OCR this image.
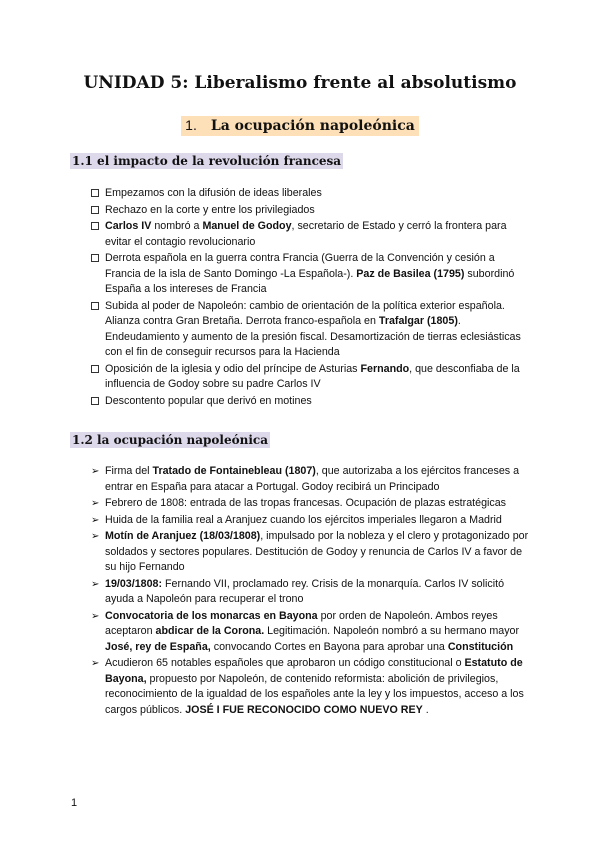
UNIDAD 5: Liberalismo frente al absolutismo
1. La ocupación napoleónica
1.1 el impacto de la revolución francesa
Empezamos con la difusión de ideas liberales
Rechazo en la corte y entre los privilegiados
Carlos IV nombró a Manuel de Godoy, secretario de Estado y cerró la frontera para evitar el contagio revolucionario
Derrota española en la guerra contra Francia (Guerra de la Convención y cesión a Francia de la isla de Santo Domingo -La Española-). Paz de Basilea (1795) subordinó España a los intereses de Francia
Subida al poder de Napoleón: cambio de orientación de la política exterior española. Alianza contra Gran Bretaña. Derrota franco-española en Trafalgar (1805). Endeudamiento y aumento de la presión fiscal. Desamortización de tierras eclesiásticas con el fin de conseguir recursos para la Hacienda
Oposición de la iglesia y odio del príncipe de Asturias Fernando, que desconfiaba de la influencia de Godoy sobre su padre Carlos IV
Descontento popular que derivó en motines
1.2 la ocupación napoleónica
➢ Firma del Tratado de Fontainebleau (1807), que autorizaba a los ejércitos franceses a entrar en España para atacar a Portugal. Godoy recibirá un Principado
➢ Febrero de 1808: entrada de las tropas francesas. Ocupación de plazas estratégicas
➢ Huida de la familia real a Aranjuez cuando los ejércitos imperiales llegaron a Madrid
➢ Motín de Aranjuez (18/03/1808), impulsado por la nobleza y el clero y protagonizado por soldados y sectores populares. Destitución de Godoy y renuncia de Carlos IV a favor de su hijo Fernando
➢ 19/03/1808: Fernando VII, proclamado rey. Crisis de la monarquía. Carlos IV solicitó ayuda a Napoleón para recuperar el trono
➢ Convocatoria de los monarcas en Bayona por orden de Napoleón. Ambos reyes aceptaron abdicar de la Corona. Legitimación. Napoleón nombró a su hermano mayor José, rey de España, convocando Cortes en Bayona para aprobar una Constitución
➢ Acudieron 65 notables españoles que aprobaron un código constitucional o Estatuto de Bayona, propuesto por Napoleón, de contenido reformista: abolición de privilegios, reconocimiento de la igualdad de los españoles ante la ley y los impuestos, acceso a los cargos públicos. JOSÉ I FUE RECONOCIDO COMO NUEVO REY .
1
